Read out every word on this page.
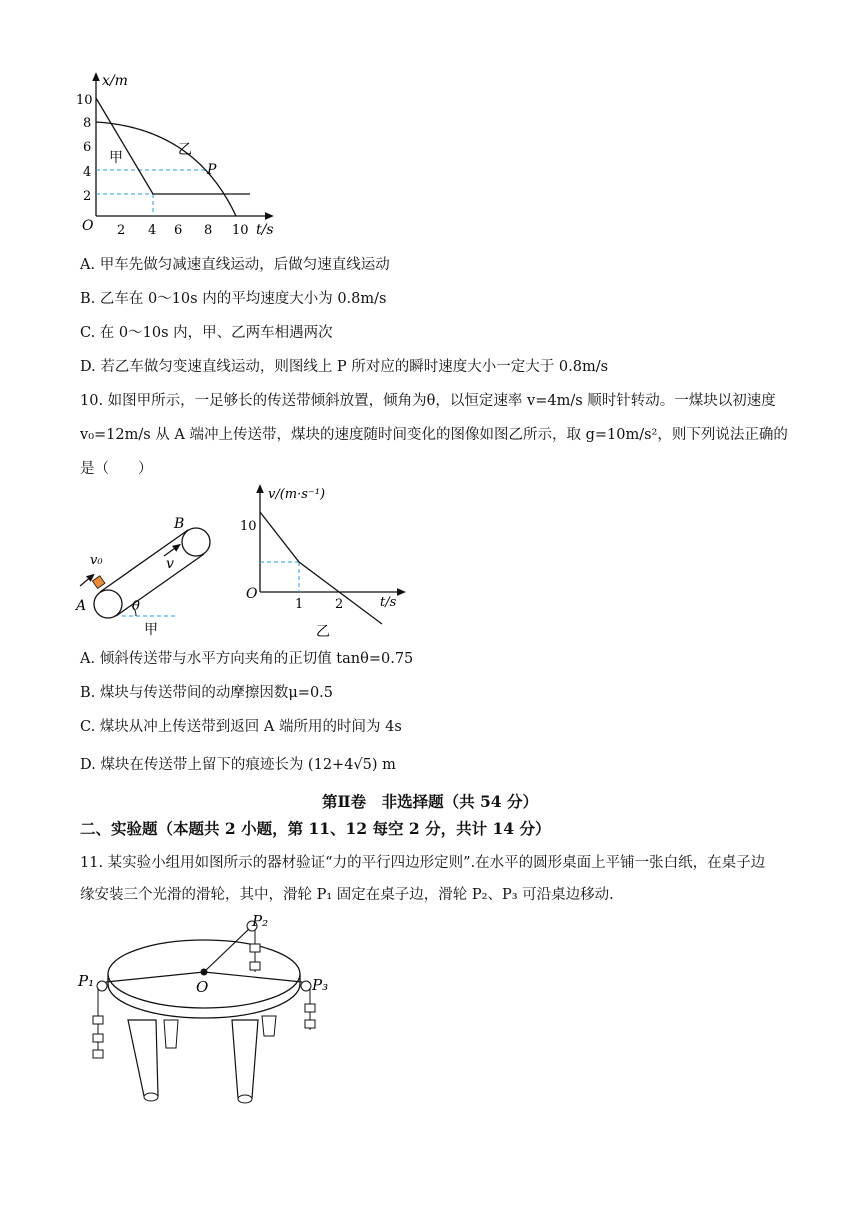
x/m
t/s
O
10
8
6
4
2
2 4 6 8 10
甲	乙
P
A. 甲车先做匀减速直线运动，后做匀速直线运动
B. 乙车在 0～10s 内的平均速度大小为 0.8m/s
C. 在 0～10s 内，甲、乙两车相遇两次
D. 若乙车做匀变速直线运动，则图线上 P 所对应的瞬时速度大小一定大于 0.8m/s
10. 如图甲所示，一足够长的传送带倾斜放置，倾角为θ，以恒定速率 v=4m/s 顺时针转动。一煤块以初速度
v₀=12m/s 从 A 端冲上传送带，煤块的速度随时间变化的图像如图乙所示，取 g=10m/s²，则下列说法正确的
是（　　）
A
B
v₀	v
θ
甲
v/(m·s⁻¹)
t/s
O
10
1 2
乙
A. 倾斜传送带与水平方向夹角的正切值 tanθ=0.75
B. 煤块与传送带间的动摩擦因数μ=0.5
C. 煤块从冲上传送带到返回 A 端所用的时间为 4s
D. 煤块在传送带上留下的痕迹长为 (12+4√5) m
第Ⅱ卷　非选择题（共 54 分）
二、实验题（本题共 2 小题，第 11、12 每空 2 分，共计 14 分）
11. 某实验小组用如图所示的器材验证“力的平行四边形定则”.在水平的圆形桌面上平铺一张白纸，在桌子边
缘安装三个光滑的滑轮，其中，滑轮 P₁ 固定在桌子边，滑轮 P₂、P₃ 可沿桌边移动.
P₁
P₂
P₃
O
